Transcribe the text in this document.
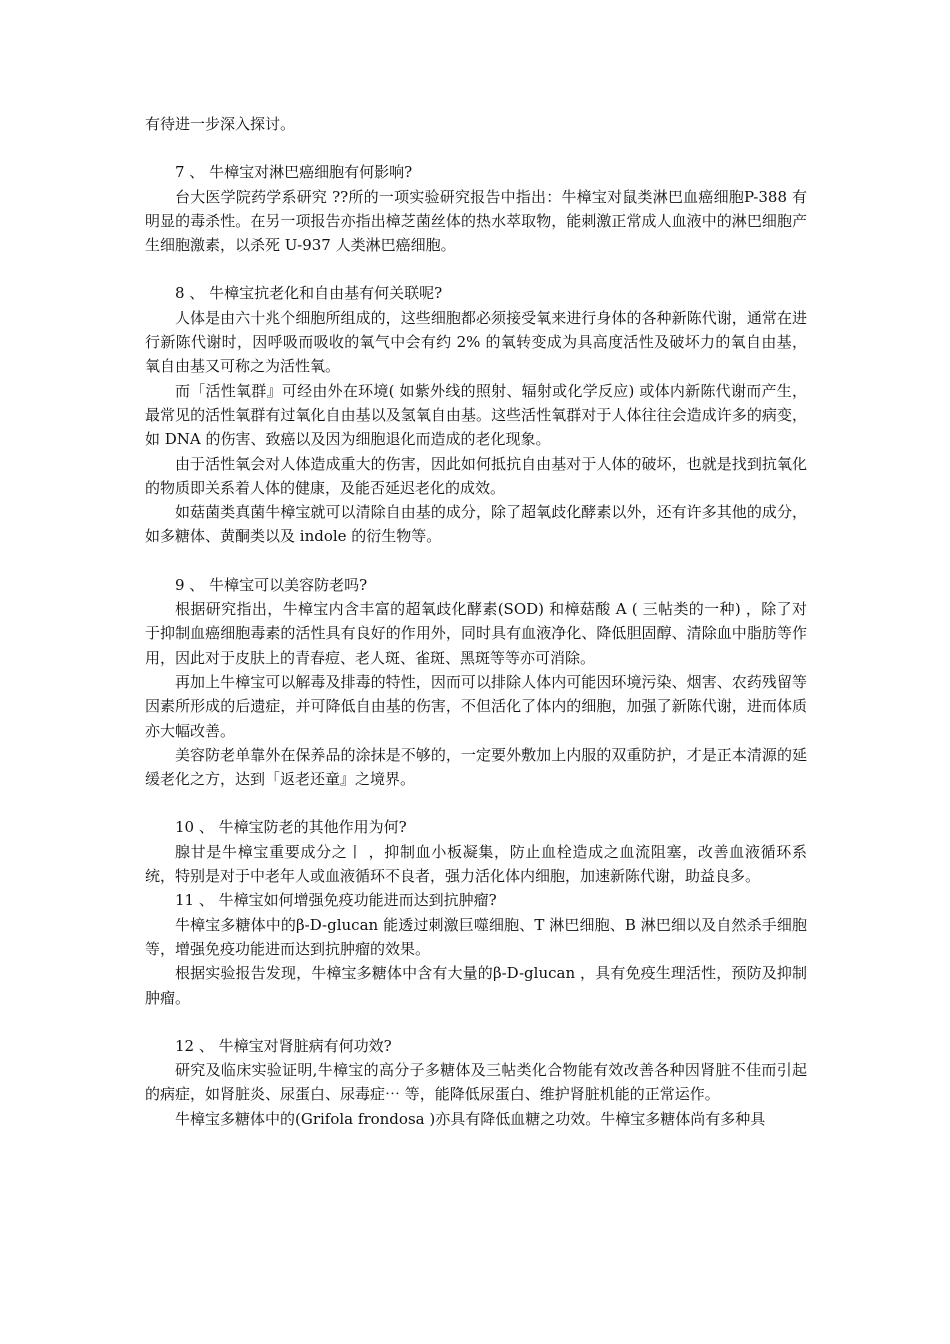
有待进一步深入探讨。

7 、 牛樟宝对淋巴癌细胞有何影响?

台大医学院药学系研究 ??所的一项实验研究报告中指出：牛樟宝对鼠类淋巴血癌细胞P-388 有明显的毒杀性。在另一项报告亦指出樟芝菌丝体的热水萃取物，能刺激正常成人血液中的淋巴细胞产生细胞激素，以杀死 U-937 人类淋巴癌细胞。

8 、 牛樟宝抗老化和自由基有何关联呢?

人体是由六十兆个细胞所组成的，这些细胞都必须接受氧来进行身体的各种新陈代谢，通常在进行新陈代谢时，因呼吸而吸收的氧气中会有约 2% 的氧转变成为具高度活性及破坏力的氧自由基，氧自由基又可称之为活性氧。

而「活性氧群』可经由外在环境( 如紫外线的照射、辐射或化学反应) 或体内新陈代谢而产生，最常见的活性氧群有过氧化自由基以及氢氧自由基。这些活性氧群对于人体往往会造成许多的病变，如 DNA 的伤害、致癌以及因为细胞退化而造成的老化现象。

由于活性氧会对人体造成重大的伤害，因此如何抵抗自由基对于人体的破坏，也就是找到抗氧化的物质即关系着人体的健康，及能否延迟老化的成效。

如菇菌类真菌牛樟宝就可以清除自由基的成分，除了超氧歧化酵素以外，还有许多其他的成分，如多糖体、黄酮类以及 indole 的衍生物等。

9 、 牛樟宝可以美容防老吗?

根据研究指出，牛樟宝内含丰富的超氧歧化酵素(SOD) 和樟菇酸 A ( 三帖类的一种) ，除了对于抑制血癌细胞毒素的活性具有良好的作用外，同时具有血液净化、降低胆固醇、清除血中脂肪等作用，因此对于皮肤上的青春痘、老人斑、雀斑、黑斑等等亦可消除。

再加上牛樟宝可以解毒及排毒的特性，因而可以排除人体内可能因环境污染、烟害、农药残留等因素所形成的后遗症，并可降低自由基的伤害，不但活化了体内的细胞，加强了新陈代谢，进而体质亦大幅改善。

美容防老单靠外在保养品的涂抹是不够的，一定要外敷加上内服的双重防护，才是正本清源的延缓老化之方，达到「返老还童』之境界。

10 、 牛樟宝防老的其他作用为何?

腺甘是牛樟宝重要成分之丨 ，抑制血小板凝集，防止血栓造成之血流阻塞，改善血液循环系统，特别是对于中老年人或血液循环不良者，强力活化体内细胞，加速新陈代谢，助益良多。

11 、 牛樟宝如何增强免疫功能进而达到抗肿瘤?

牛樟宝多糖体中的β-D-glucan 能透过刺激巨噬细胞、T 淋巴细胞、B 淋巴细以及自然杀手细胞等，增强免疫功能进而达到抗肿瘤的效果。

根据实验报告发现，牛樟宝多糖体中含有大量的β-D-glucan ，具有免疫生理活性，预防及抑制肿瘤。

12 、 牛樟宝对肾脏病有何功效?

研究及临床实验证明,牛樟宝的高分子多糖体及三帖类化合物能有效改善各种因肾脏不佳而引起的病症，如肾脏炎、尿蛋白、尿毒症⋯ 等，能降低尿蛋白、维护肾脏机能的正常运作。

牛樟宝多糖体中的(Grifola frondosa )亦具有降低血糖之功效。牛樟宝多糖体尚有多种具
